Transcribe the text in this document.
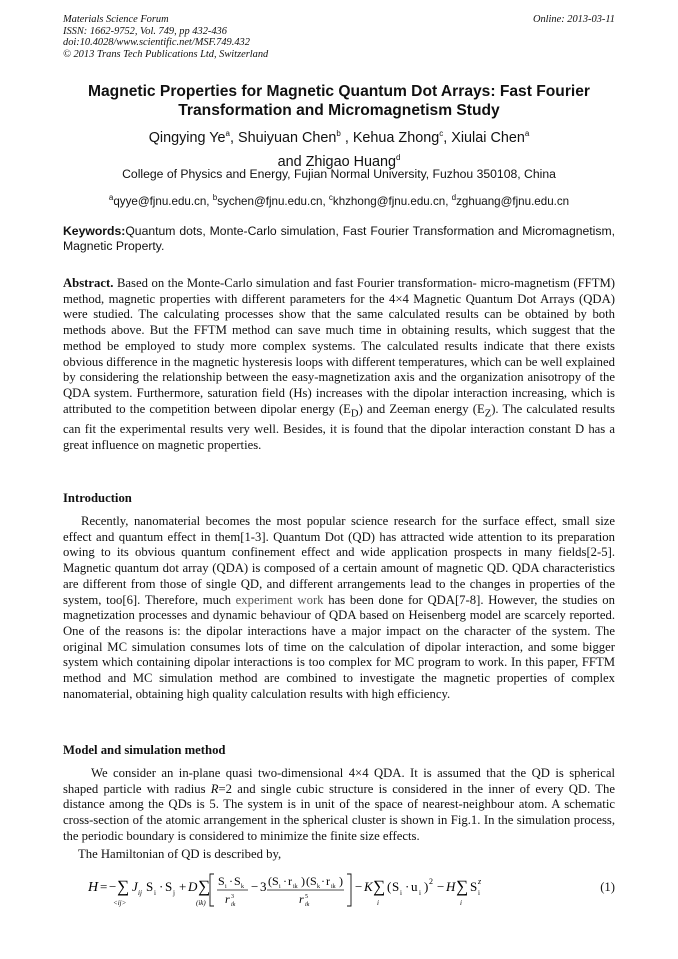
Materials Science Forum
ISSN: 1662-9752, Vol. 749, pp 432-436
doi:10.4028/www.scientific.net/MSF.749.432
© 2013 Trans Tech Publications Ltd, Switzerland
Online: 2013-03-11
Magnetic Properties for Magnetic Quantum Dot Arrays: Fast Fourier
Transformation and Micromagnetism Study
Qingying Ye$^a$, Shuiyuan Chen$^b$ , Kehua Zhong$^c$, Xiulai Chen$^a$
and Zhigao Huang$^d$
College of Physics and Energy, Fujian Normal University, Fuzhou 350108, China
$^a$qyye@fjnu.edu.cn, $^b$sychen@fjnu.edu.cn, $^c$khzhong@fjnu.edu.cn, $^d$zghuang@fjnu.edu.cn
Keywords:Quantum dots, Monte-Carlo simulation, Fast Fourier Transformation and Micromagnetism, Magnetic Property.
Abstract. Based on the Monte-Carlo simulation and fast Fourier transformation- micro-magnetism (FFTM) method, magnetic properties with different parameters for the 4×4 Magnetic Quantum Dot Arrays (QDA) were studied. The calculating processes show that the same calculated results can be obtained by both methods above. But the FFTM method can save much time in obtaining results, which suggest that the method be employed to study more complex systems. The calculated results indicate that there exists obvious difference in the magnetic hysteresis loops with different temperatures, which can be well explained by considering the relationship between the easy-magnetization axis and the organization anisotropy of the QDA system. Furthermore, saturation field (Hs) increases with the dipolar interaction increasing, which is attributed to the competition between dipolar energy $(E_D)$ and Zeeman energy $(E_Z)$. The calculated results can fit the experimental results very well. Besides, it is found that the dipolar interaction constant D has a great influence on magnetic properties.
Introduction
Recently, nanomaterial becomes the most popular science research for the surface effect, small size effect and quantum effect in them[1-3]. Quantum Dot (QD) has attracted wide attention to its preparation owing to its obvious quantum confinement effect and wide application prospects in many fields[2-5]. Magnetic quantum dot array (QDA) is composed of a certain amount of magnetic QD. QDA characteristics are different from those of single QD, and different arrangements lead to the changes in properties of the system, too[6]. Therefore, much experiment work has been done for QDA[7-8]. However, the studies on magnetization processes and dynamic behaviour of QDA based on Heisenberg model are scarcely reported. One of the reasons is: the dipolar interactions have a major impact on the character of the system. The original MC simulation consumes lots of time on the calculation of dipolar interaction, and some bigger system which containing dipolar interactions is too complex for MC program to work. In this paper, FFTM method and MC simulation method are combined to investigate the magnetic properties of complex nanomaterial, obtaining high quality calculation results with high efficiency.
Model and simulation method
We consider an in-plane quasi two-dimensional 4×4 QDA. It is assumed that the QD is spherical shaped particle with radius R=2 and single cubic structure is considered in the inner of every QD. The distance among the QDs is 5. The system is in unit of the space of nearest-neighbour atom. A schematic cross-section of the atomic arrangement in the spherical cluster is shown in Fig.1. In the simulation process, the periodic boundary is considered to minimize the finite size effects.
The Hamiltonian of QD is described by,
H = − ∑
<ij>
J ij S i · S j + D ∑
(ik)
S i · S k
r ik
3
− 3 ( S i · r ik ) ( S k · r ik )
r ik
5
− K ∑
i
( S i · u i ) 2 − H ∑
i
S i
z	(1)
